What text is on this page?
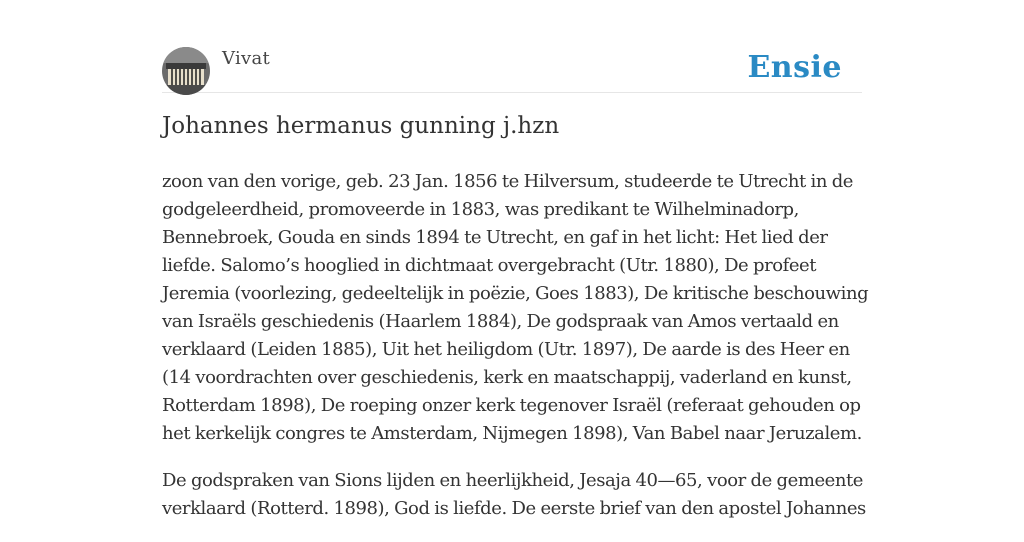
Vivat	Ensie
Johannes hermanus gunning j.hzn

zoon van den vorige, geb. 23 Jan. 1856 te Hilversum, studeerde te Utrecht in de
godgeleerdheid, promoveerde in 1883, was predikant te Wilhelminadorp,
Bennebroek, Gouda en sinds 1894 te Utrecht, en gaf in het licht: Het lied der
liefde. Salomo’s hooglied in dichtmaat overgebracht (Utr. 1880), De profeet
Jeremia (voorlezing, gedeeltelijk in poëzie, Goes 1883), De kritische beschouwing
van Israëls geschiedenis (Haarlem 1884), De godspraak van Amos vertaald en
verklaard (Leiden 1885), Uit het heiligdom (Utr. 1897), De aarde is des Heer en
(14 voordrachten over geschiedenis, kerk en maatschappij, vaderland en kunst,
Rotterdam 1898), De roeping onzer kerk tegenover Israël (referaat gehouden op
het kerkelijk congres te Amsterdam, Nijmegen 1898), Van Babel naar Jeruzalem.

De godspraken van Sions lijden en heerlijkheid, Jesaja 40—65, voor de gemeente
verklaard (Rotterd. 1898), God is liefde. De eerste brief van den apostel Johannes
